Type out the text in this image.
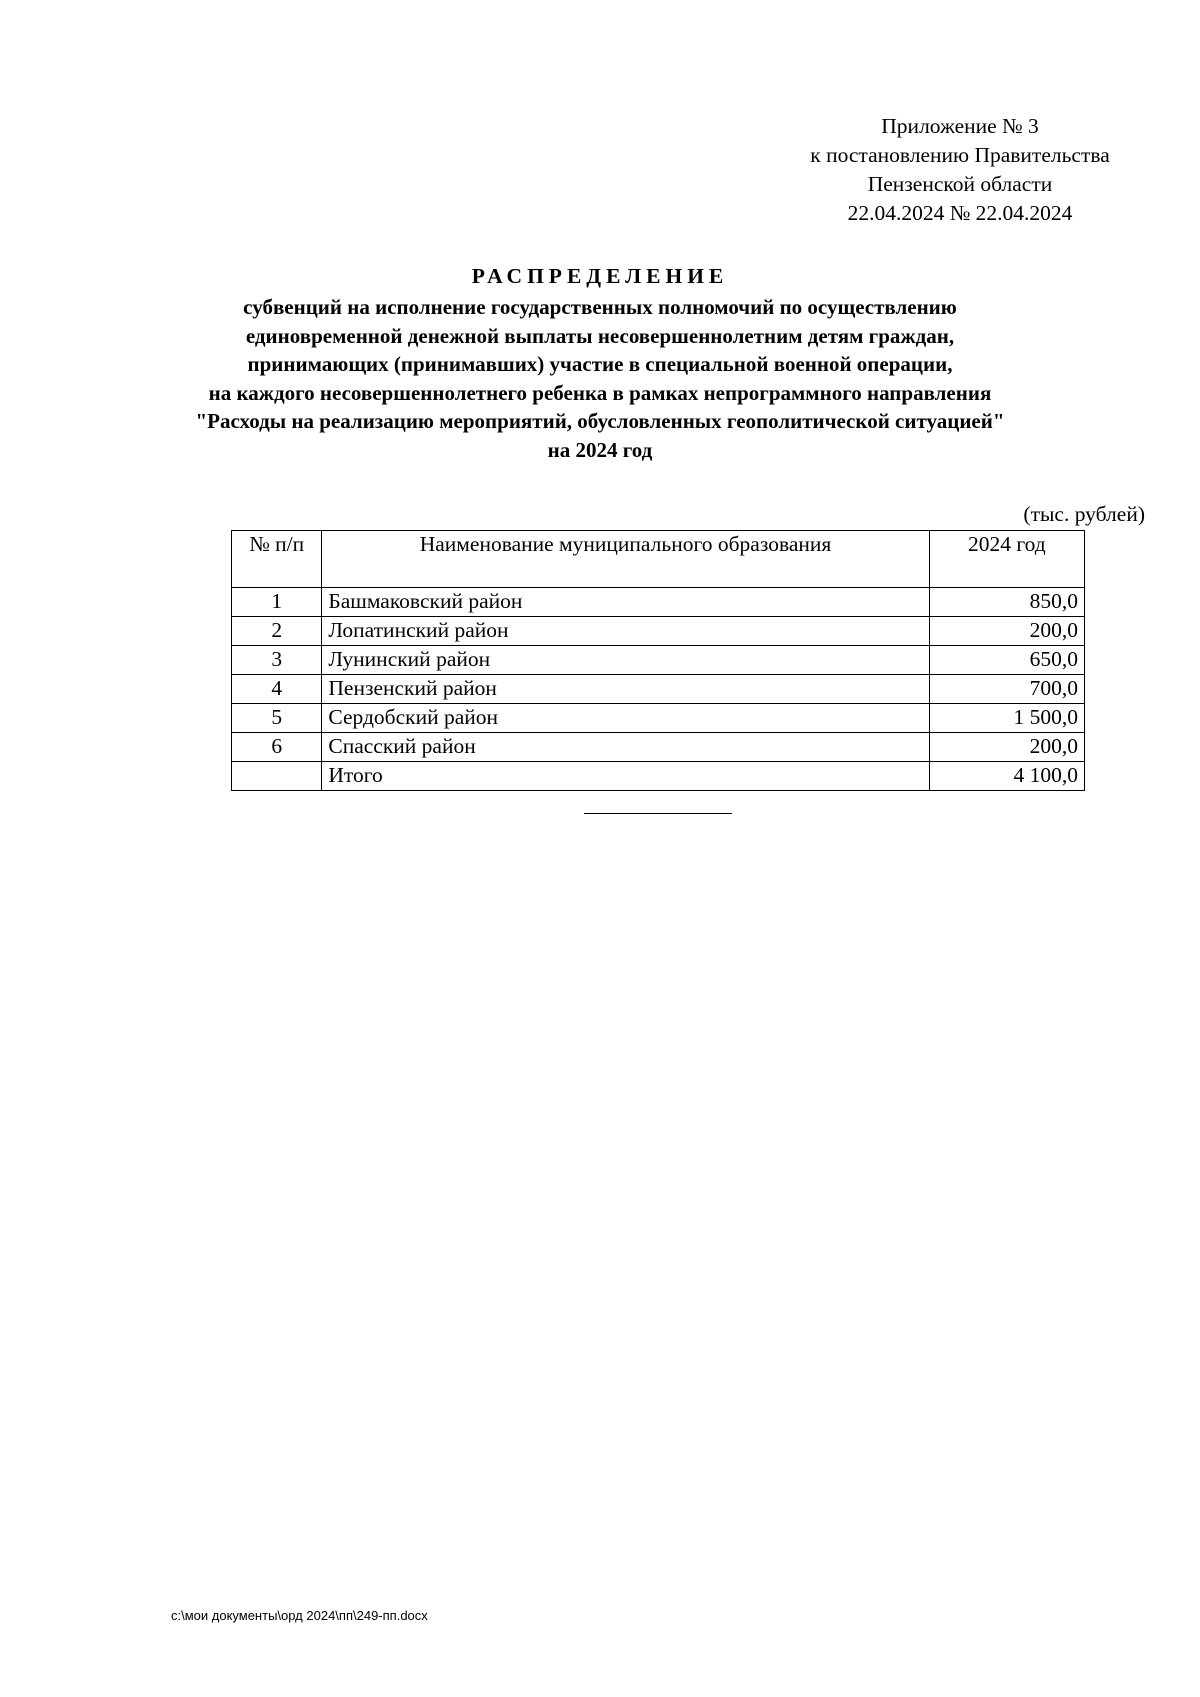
Приложение № 3
к постановлению Правительства
Пензенской области
22.04.2024 № 22.04.2024
РАСПРЕДЕЛЕНИЕ
субвенций на исполнение государственных полномочий по осуществлению
единовременной денежной выплаты несовершеннолетним детям граждан,
принимающих (принимавших) участие в специальной военной операции,
на каждого несовершеннолетнего ребенка в рамках непрограммного направления
"Расходы на реализацию мероприятий, обусловленных геополитической ситуацией"
на 2024 год
(тыс. рублей)
№ п/п	Наименование муниципального образования	2024 год
1	Башмаковский район	850,0
2	Лопатинский район	200,0
3	Лунинский район	650,0
4	Пензенский район	700,0
5	Сердобский район	1 500,0
6	Спасский район	200,0
	Итого	4 100,0
c:\мои документы\орд 2024\пп\249-пп.docx
